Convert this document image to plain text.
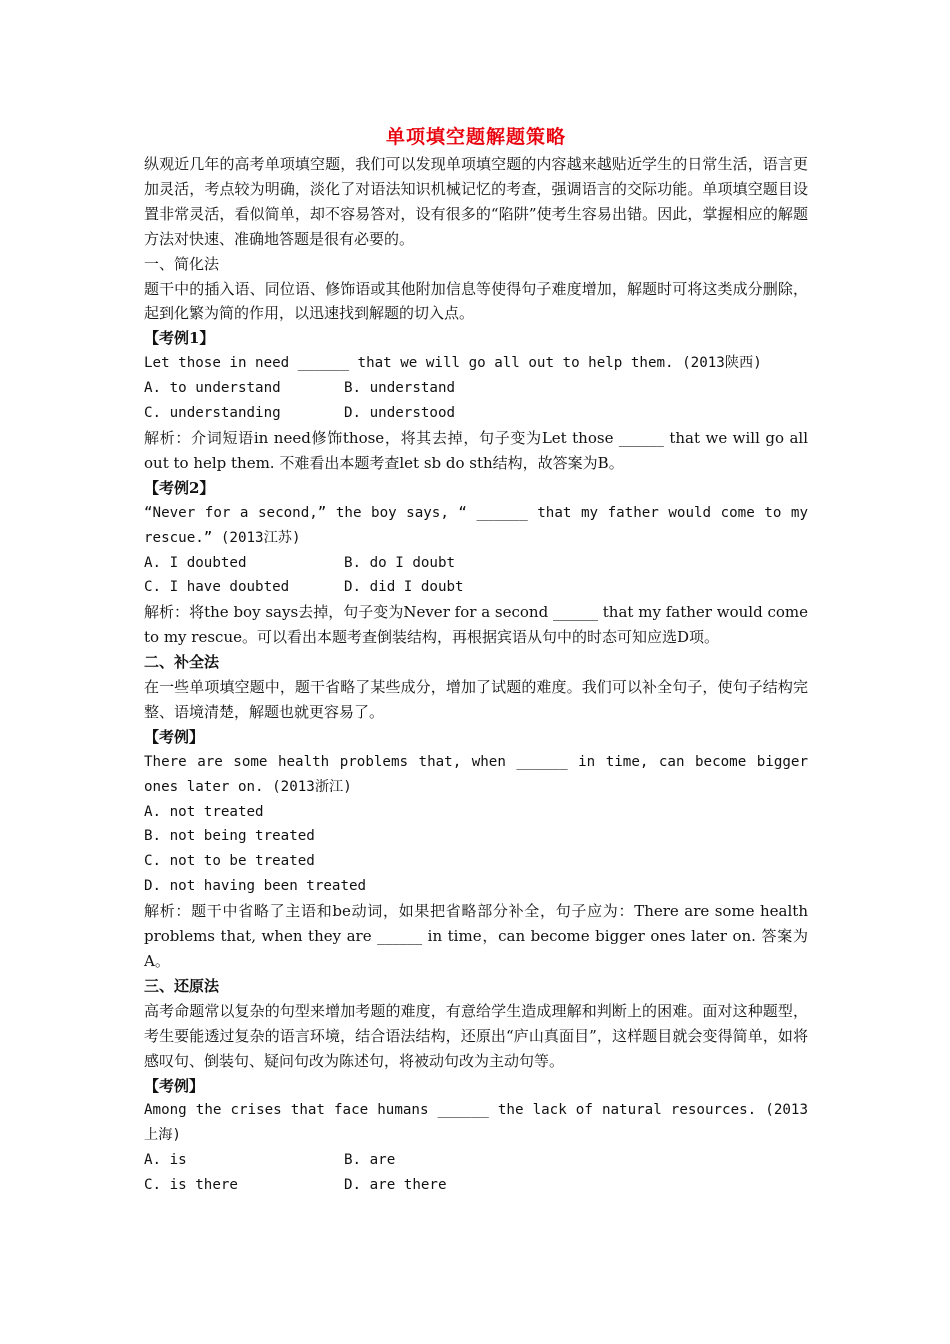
单项填空题解题策略

纵观近几年的高考单项填空题，我们可以发现单项填空题的内容越来越贴近学生的日常生活，语言更加灵活，考点较为明确，淡化了对语法知识机械记忆的考查，强调语言的交际功能。单项填空题目设置非常灵活，看似简单，却不容易答对，设有很多的“陷阱”使考生容易出错。因此，掌握相应的解题方法对快速、准确地答题是很有必要的。

一、简化法

题干中的插入语、同位语、修饰语或其他附加信息等使得句子难度增加，解题时可将这类成分删除，起到化繁为简的作用，以迅速找到解题的切入点。

【考例1】

Let those in need ______ that we will go all out to help them. (2013陕西)

A. to understand	B. understand
C. understanding	D. understood

解析：介词短语in need修饰those，将其去掉，句子变为Let those ______ that we will go all out to help them. 不难看出本题考查let sb do sth结构，故答案为B。

【考例2】

“Never for a second,” the boy says, “ ______ that my father would come to my rescue.” (2013江苏)

A. I doubted	B. do I doubt
C. I have doubted	D. did I doubt

解析：将the boy says去掉，句子变为Never for a second ______ that my father would come to my rescue。可以看出本题考查倒装结构，再根据宾语从句中的时态可知应选D项。

二、补全法

在一些单项填空题中，题干省略了某些成分，增加了试题的难度。我们可以补全句子，使句子结构完整、语境清楚，解题也就更容易了。

【考例】

There are some health problems that, when ______ in time, can become bigger ones later on. (2013浙江)

A. not treated

B. not being treated

C. not to be treated

D. not having been treated

解析：题干中省略了主语和be动词，如果把省略部分补全，句子应为：There are some health problems that, when they are ______ in time，can become bigger ones later on. 答案为A。

三、还原法

高考命题常以复杂的句型来增加考题的难度，有意给学生造成理解和判断上的困难。面对这种题型，考生要能透过复杂的语言环境，结合语法结构，还原出“庐山真面目”，这样题目就会变得简单，如将感叹句、倒装句、疑问句改为陈述句，将被动句改为主动句等。

【考例】

Among the crises that face humans ______ the lack of natural resources. (2013上海)

A. is	B. are
C. is there	D. are there
